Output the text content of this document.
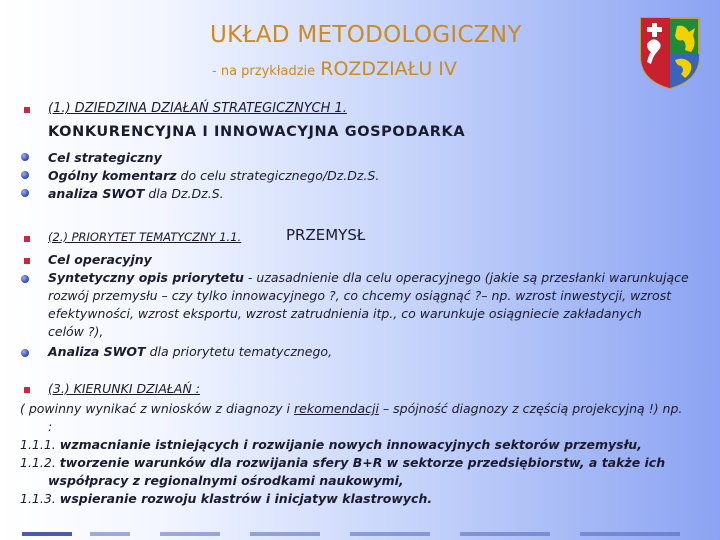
UKŁAD METODOLOGICZNY
- na przykładzie ROZDZIAŁU IV
(1.) DZIEDZINA DZIAŁAŃ STRATEGICZNYCH 1.
KONKURENCYJNA I INNOWACYJNA GOSPODARKA
Cel strategiczny
Ogólny komentarz do celu strategicznego/Dz.Dz.S.
analiza SWOT dla Dz.Dz.S.
(2.) PRIORYTET TEMATYCZNY 1.1.	PRZEMYSŁ
Cel operacyjny
Syntetyczny opis priorytetu - uzasadnienie dla celu operacyjnego (jakie są przesłanki warunkujące
rozwój przemysłu – czy tylko innowacyjnego ?, co chcemy osiągnąć ?– np. wzrost inwestycji, wzrost
efektywności, wzrost eksportu, wzrost zatrudnienia itp., co warunkuje osiągniecie zakładanych
celów ?),
Analiza SWOT dla priorytetu tematycznego,
(3.) KIERUNKI DZIAŁAŃ :
( powinny wynikać z wniosków z diagnozy i rekomendacji – spójność diagnozy z częścią projekcyjną !) np.
:
1.1.1. wzmacnianie istniejących i rozwijanie nowych innowacyjnych sektorów przemysłu,
1.1.2. tworzenie warunków dla rozwijania sfery B+R w sektorze przedsiębiorstw, a także ich
współpracy z regionalnymi ośrodkami naukowymi,
1.1.3. wspieranie rozwoju klastrów i inicjatyw klastrowych.
